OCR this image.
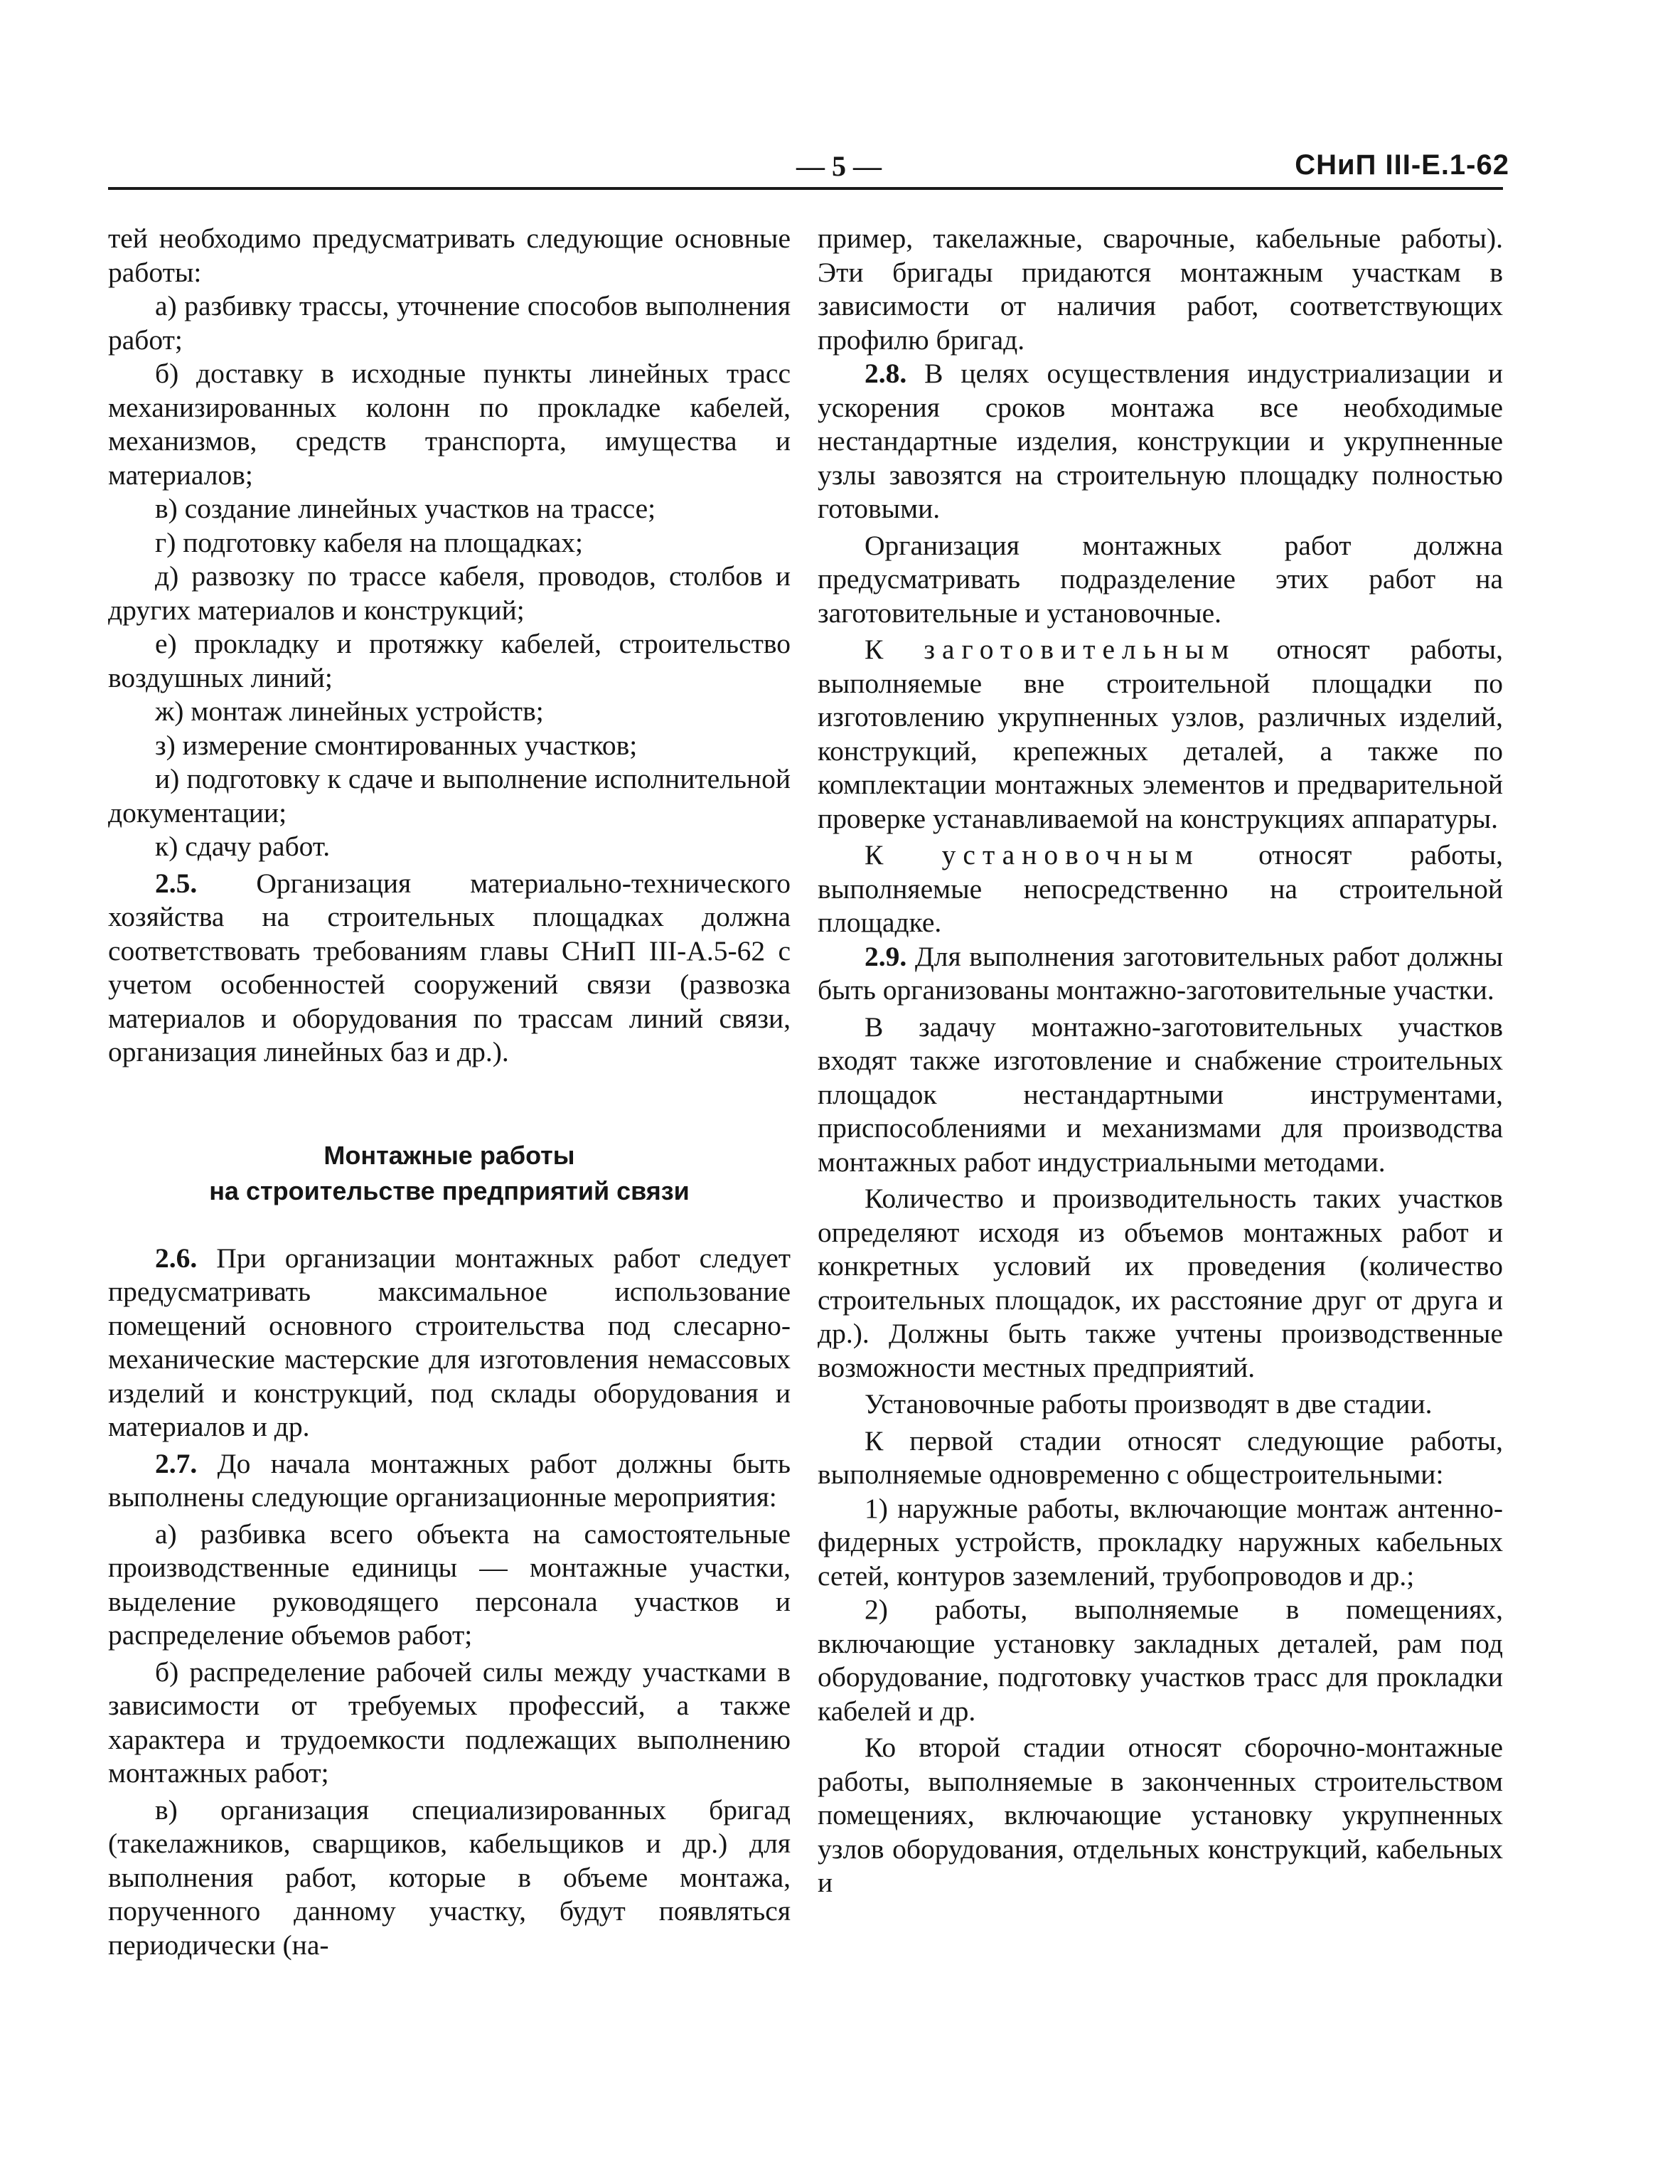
— 5 —	СНиП III-Е.1-62

тей необходимо предусматривать следующие основные работы:

а) разбивку трассы, уточнение способов выполнения работ;

б) доставку в исходные пункты линейных трасс механизированных колонн по прокладке кабелей, механизмов, средств транспорта, имущества и материалов;

в) создание линейных участков на трассе;

г) подготовку кабеля на площадках;

д) развозку по трассе кабеля, проводов, столбов и других материалов и конструкций;

е) прокладку и протяжку кабелей, строительство воздушных линий;

ж) монтаж линейных устройств;

з) измерение смонтированных участков;

и) подготовку к сдаче и выполнение исполнительной документации;

к) сдачу работ.

2.5. Организация материально-технического хозяйства на строительных площадках должна соответствовать требованиям главы СНиП III-А.5-62 с учетом особенностей сооружений связи (развозка материалов и оборудования по трассам линий связи, организация линейных баз и др.).

Монтажные работы
на строительстве предприятий связи

2.6. При организации монтажных работ следует предусматривать максимальное использование помещений основного строительства под слесарно-механические мастерские для изготовления немассовых изделий и конструкций, под склады оборудования и материалов и др.

2.7. До начала монтажных работ должны быть выполнены следующие организационные мероприятия:

а) разбивка всего объекта на самостоятельные производственные единицы — монтажные участки, выделение руководящего персонала участков и распределение объемов работ;

б) распределение рабочей силы между участками в зависимости от требуемых профессий, а также характера и трудоемкости подлежащих выполнению монтажных работ;

в) организация специализированных бригад (такелажников, сварщиков, кабельщиков и др.) для выполнения работ, которые в объеме монтажа, порученного данному участку, будут появляться периодически (на-

пример, такелажные, сварочные, кабельные работы). Эти бригады придаются монтажным участкам в зависимости от наличия работ, соответствующих профилю бригад.

2.8. В целях осуществления индустриализации и ускорения сроков монтажа все необходимые нестандартные изделия, конструкции и укрупненные узлы завозятся на строительную площадку полностью готовыми.

Организация монтажных работ должна предусматривать подразделение этих работ на заготовительные и установочные.

К заготовительным относят работы, выполняемые вне строительной площадки по изготовлению укрупненных узлов, различных изделий, конструкций, крепежных деталей, а также по комплектации монтажных элементов и предварительной проверке устанавливаемой на конструкциях аппаратуры.

К установочным относят работы, выполняемые непосредственно на строительной площадке.

2.9. Для выполнения заготовительных работ должны быть организованы монтажно-заготовительные участки.

В задачу монтажно-заготовительных участков входят также изготовление и снабжение строительных площадок нестандартными инструментами, приспособлениями и механизмами для производства монтажных работ индустриальными методами.

Количество и производительность таких участков определяют исходя из объемов монтажных работ и конкретных условий их проведения (количество строительных площадок, их расстояние друг от друга и др.). Должны быть также учтены производственные возможности местных предприятий.

Установочные работы производят в две стадии.

К первой стадии относят следующие работы, выполняемые одновременно с общестроительными:

1) наружные работы, включающие монтаж антенно-фидерных устройств, прокладку наружных кабельных сетей, контуров заземлений, трубопроводов и др.;

2) работы, выполняемые в помещениях, включающие установку закладных деталей, рам под оборудование, подготовку участков трасс для прокладки кабелей и др.

Ко второй стадии относят сборочно-монтажные работы, выполняемые в законченных строительством помещениях, включающие установку укрупненных узлов оборудования, отдельных конструкций, кабельных и
